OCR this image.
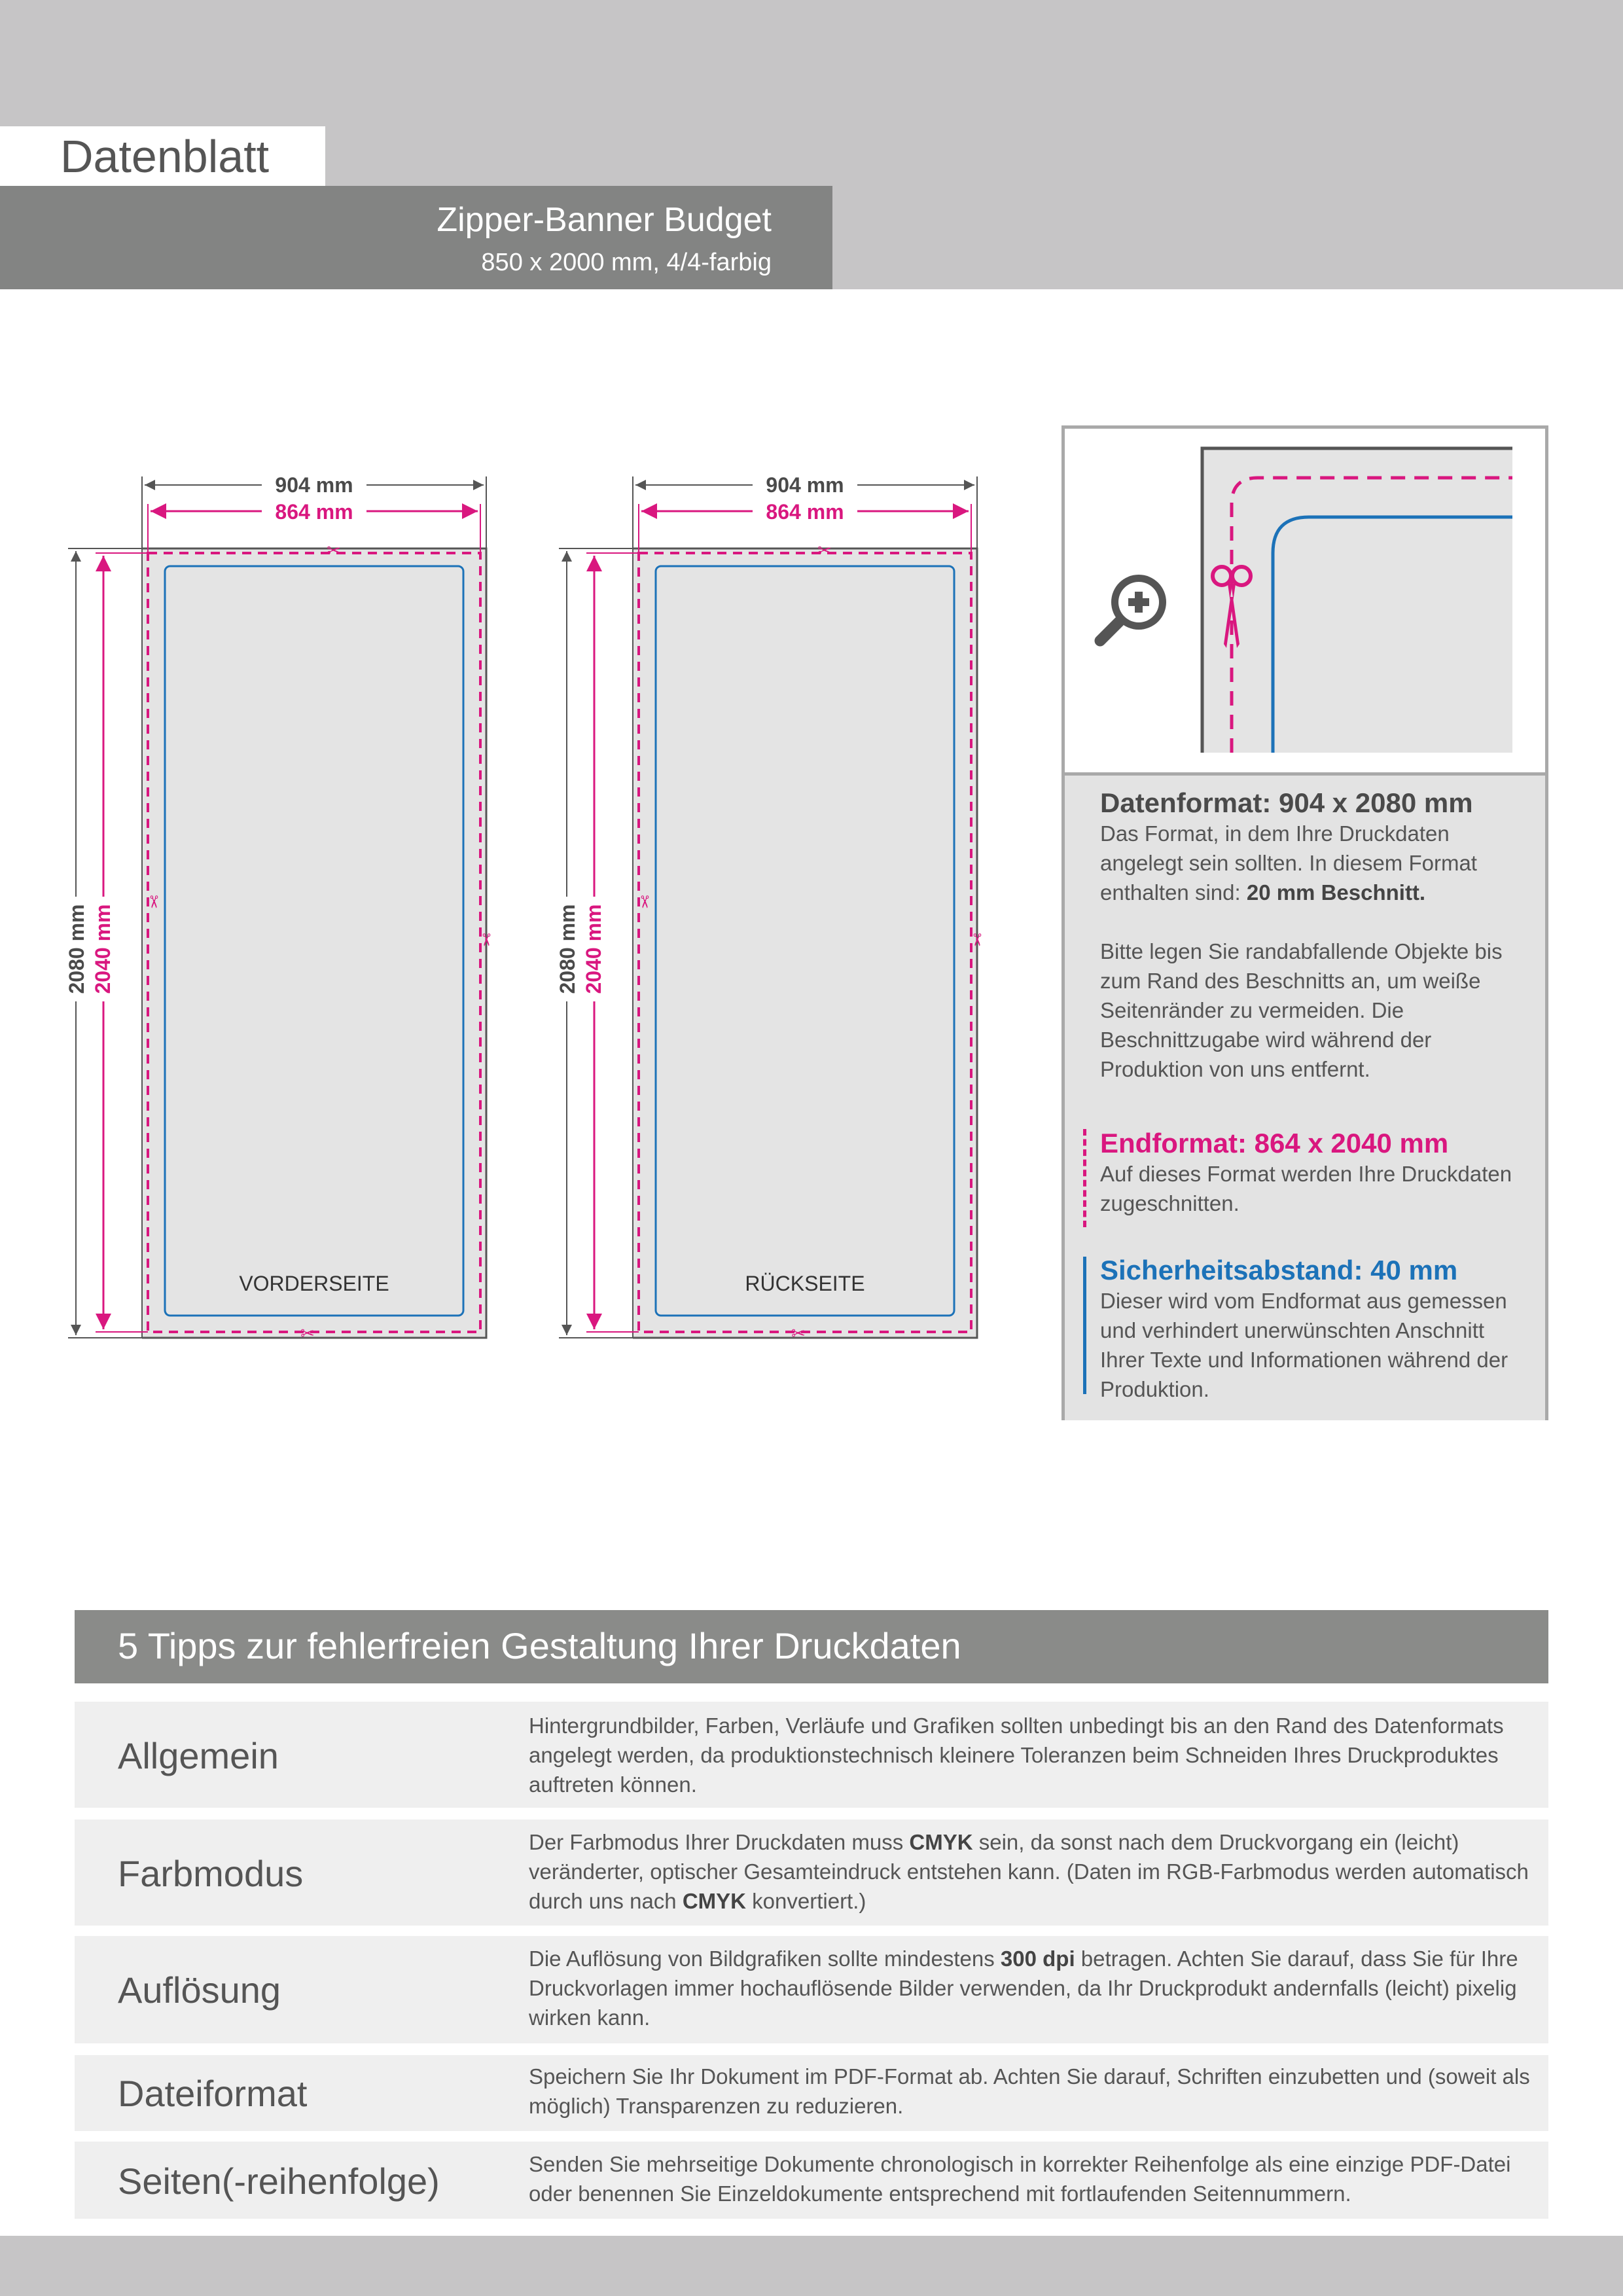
Datenblatt
Zipper-Banner Budget
850 x 2000 mm, 4/4-farbig
904 mm
864 mm
2080 mm 2040 mm
✂
✂
✂
✂
VORDERSEITE
904 mm
864 mm
2080 mm 2040 mm
✂
✂
✂
✂
RÜCKSEITE
Datenformat: 904 x 2080 mm
Das Format, in dem Ihre Druckdaten angelegt sein sollten. In diesem Format enthalten sind: 20 mm Beschnitt.
Bitte legen Sie randabfallende Objekte bis zum Rand des Beschnitts an, um weiße Seitenränder zu vermeiden. Die Beschnittzugabe wird während der Produktion von uns entfernt.
Endformat: 864 x 2040 mm
Auf dieses Format werden Ihre Druckdaten zugeschnitten.
Sicherheitsabstand: 40 mm
Dieser wird vom Endformat aus gemessen und verhindert unerwünschten Anschnitt Ihrer Texte und Informationen während der Produktion.
5 Tipps zur fehlerfreien Gestaltung Ihrer Druckdaten
Allgemein
Hintergrundbilder, Farben, Verläufe und Grafiken sollten unbedingt bis an den Rand des Datenformats angelegt werden, da produktionstechnisch kleinere Toleranzen beim Schneiden Ihres Druckproduktes auftreten können.
Farbmodus
Der Farbmodus Ihrer Druckdaten muss CMYK sein, da sonst nach dem Druckvorgang ein (leicht) veränderter, optischer Gesamteindruck entstehen kann. (Daten im RGB-Farbmodus werden automatisch durch uns nach CMYK konvertiert.)
Auflösung
Die Auflösung von Bildgrafiken sollte mindestens 300 dpi betragen. Achten Sie darauf, dass Sie für Ihre Druckvorlagen immer hochauflösende Bilder verwenden, da Ihr Druckprodukt andernfalls (leicht) pixelig wirken kann.
Dateiformat	Speichern Sie Ihr Dokument im PDF-Format ab. Achten Sie darauf, Schriften einzubetten und (soweit als möglich) Transparenzen zu reduzieren.
Seiten(-reihenfolge)	Senden Sie mehrseitige Dokumente chronologisch in korrekter Reihenfolge als eine einzige PDF-Datei oder benennen Sie Einzeldokumente entsprechend mit fortlaufenden Seitennummern.
